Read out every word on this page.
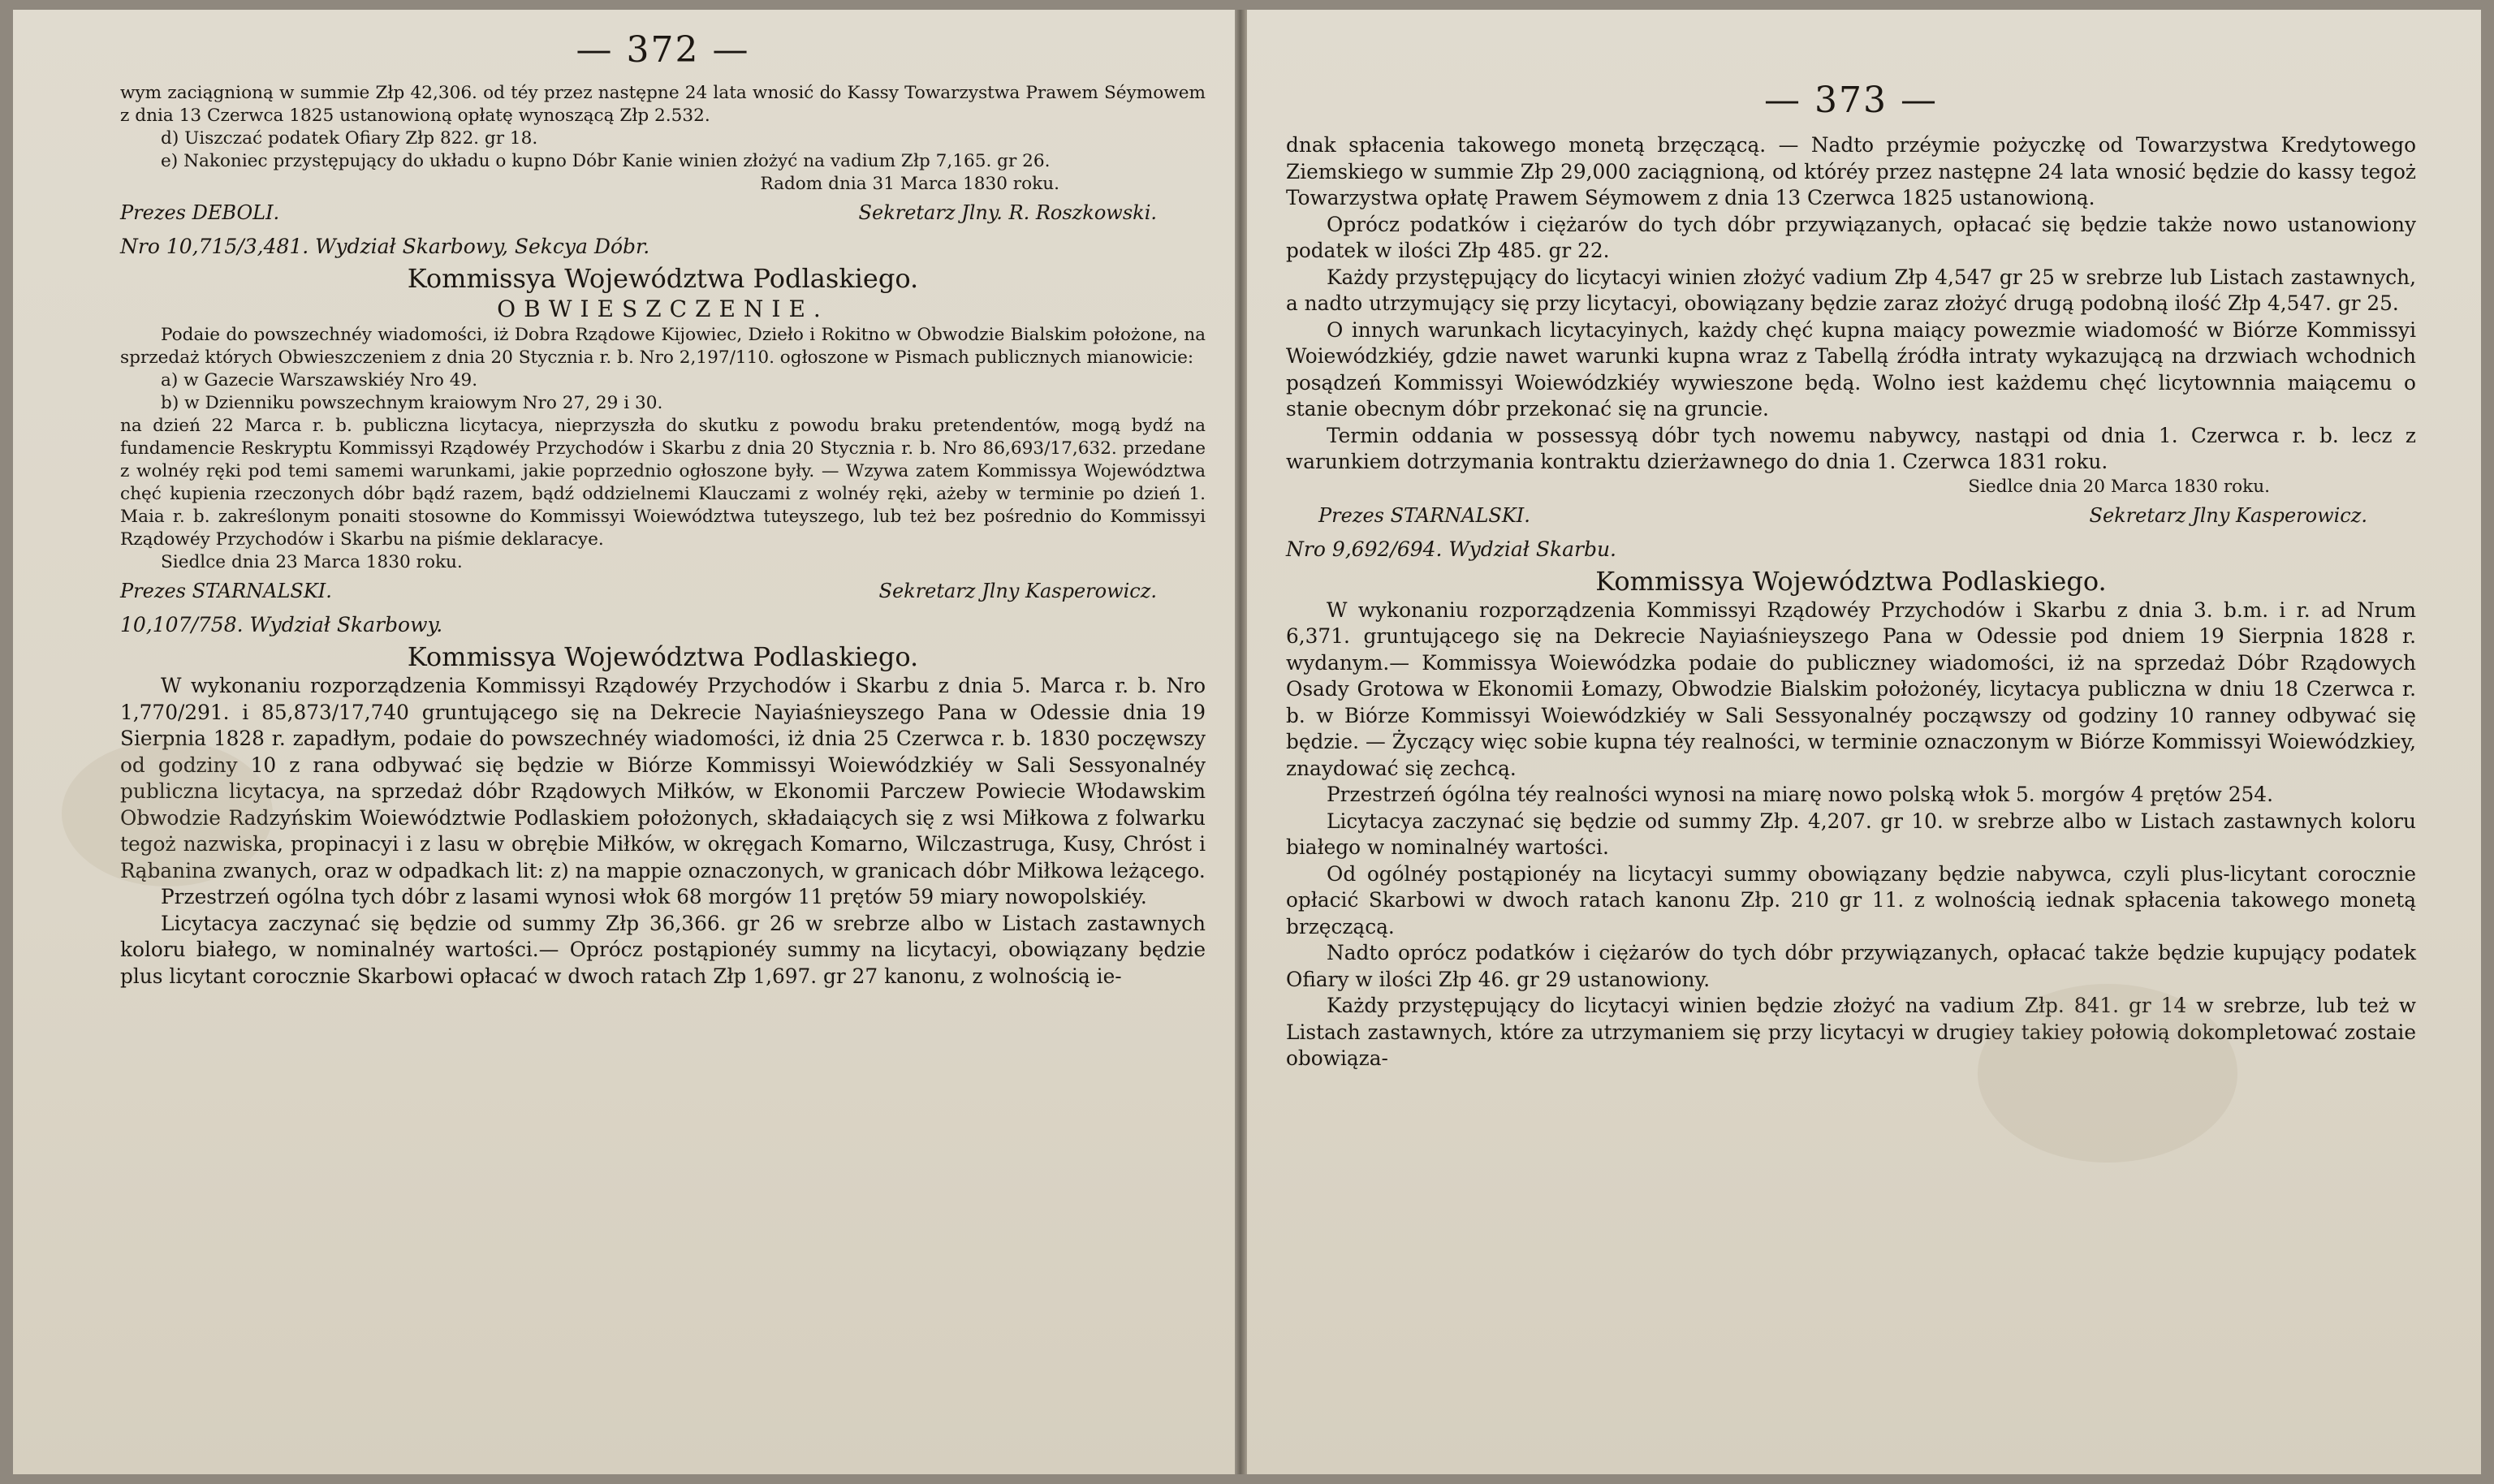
— 372 —

wym zaciągnioną w summie Złp 42,306. od téy przez następne 24 lata wnosić do Kassy Towarzystwa Prawem Séymowem z dnia 13 Czerwca 1825 ustanowioną opłatę wynoszącą Złp 2.532.

d) Uiszczać podatek Ofiary Złp 822. gr 18.

e) Nakoniec przystępujący do układu o kupno Dóbr Kanie winien złożyć na vadium Złp 7,165. gr 26.

Radom dnia 31 Marca 1830 roku.

Prezes DEBOLI.	Sekretarz Jlny. R. Roszkowski.

Nro 10,715/3,481. Wydział Skarbowy, Sekcya Dóbr.

Kommissya Województwa Podlaskiego.

OBWIESZCZENIE.

Podaie do powszechnéy wiadomości, iż Dobra Rządowe Kijowiec, Dzieło i Rokitno w Obwodzie Bialskim położone, na sprzedaż których Obwieszczeniem z dnia 20 Stycznia r. b. Nro 2,197/110. ogłoszone w Pismach publicznych mianowicie:

a) w Gazecie Warszawskiéy Nro 49.

b) w Dzienniku powszechnym kraiowym Nro 27, 29 i 30.

na dzień 22 Marca r. b. publiczna licytacya, nieprzyszła do skutku z powodu braku pretendentów, mogą bydź na fundamencie Reskryptu Kommissyi Rządowéy Przychodów i Skarbu z dnia 20 Stycznia r. b. Nro 86,693/17,632. przedane z wolnéy ręki pod temi samemi warunkami, jakie poprzednio ogłoszone były. — Wzywa zatem Kommissya Województwa chęć kupienia rzeczonych dóbr bądź razem, bądź oddzielnemi Klauczami z wolnéy ręki, ażeby w terminie po dzień 1. Maia r. b. zakreślonym ponaiti stosowne do Kommissyi Woiewództwa tuteyszego, lub też bez pośrednio do Kommissyi Rządowéy Przychodów i Skarbu na piśmie deklaracye.

Siedlce dnia 23 Marca 1830 roku.

Prezes STARNALSKI.	Sekretarz Jlny Kasperowicz.

10,107/758. Wydział Skarbowy.

Kommissya Województwa Podlaskiego.

W wykonaniu rozporządzenia Kommissyi Rządowéy Przychodów i Skarbu z dnia 5. Marca r. b. Nro 1,770/291. i 85,873/17,740 gruntującego się na Dekrecie Nayiaśnieyszego Pana w Odessie dnia 19 Sierpnia 1828 r. zapadłym, podaie do powszechnéy wiadomości, iż dnia 25 Czerwca r. b. 1830 poczęwszy od godziny 10 z rana odbywać się będzie w Biórze Kommissyi Woiewódzkiéy w Sali Sessyonalnéy publiczna licytacya, na sprzedaż dóbr Rządowych Miłków, w Ekonomii Parczew Powiecie Włodawskim Obwodzie Radzyńskim Woiewództwie Podlaskiem położonych, składaiących się z wsi Miłkowa z folwarku tegoż nazwiska, propinacyi i z lasu w obrębie Miłków, w okręgach Komarno, Wilczastruga, Kusy, Chróst i Rąbanina zwanych, oraz w odpadkach lit: z) na mappie oznaczonych, w granicach dóbr Miłkowa leżącego.

Przestrzeń ogólna tych dóbr z lasami wynosi włok 68 morgów 11 prętów 59 miary nowopolskiéy.

Licytacya zaczynać się będzie od summy Złp 36,366. gr 26 w srebrze albo w Listach zastawnych koloru białego, w nominalnéy wartości.— Oprócz postąpionéy summy na licytacyi, obowiązany będzie plus licytant corocznie Skarbowi opłacać w dwoch ratach Złp 1,697. gr 27 kanonu, z wolnością ie-

— 373 —

dnak spłacenia takowego monetą brzęczącą. — Nadto przéymie pożyczkę od Towarzystwa Kredytowego Ziemskiego w summie Złp 29,000 zaciągnioną, od któréy przez następne 24 lata wnosić będzie do kassy tegoż Towarzystwa opłatę Prawem Séymowem z dnia 13 Czerwca 1825 ustanowioną.

Oprócz podatków i ciężarów do tych dóbr przywiązanych, opłacać się będzie także nowo ustanowiony podatek w ilości Złp 485. gr 22.

Każdy przystępujący do licytacyi winien złożyć vadium Złp 4,547 gr 25 w srebrze lub Listach zastawnych, a nadto utrzymujący się przy licytacyi, obowiązany będzie zaraz złożyć drugą podobną ilość Złp 4,547. gr 25.

O innych warunkach licytacyinych, każdy chęć kupna maiący powezmie wiadomość w Biórze Kommissyi Woiewódzkiéy, gdzie nawet warunki kupna wraz z Tabellą źródła intraty wykazującą na drzwiach wchodnich posądzeń Kommissyi Woiewódzkiéy wywieszone będą. Wolno iest każdemu chęć licytownnia maiącemu o stanie obecnym dóbr przekonać się na gruncie.

Termin oddania w possessyą dóbr tych nowemu nabywcy, nastąpi od dnia 1. Czerwca r. b. lecz z warunkiem dotrzymania kontraktu dzierżawnego do dnia 1. Czerwca 1831 roku.

Siedlce dnia 20 Marca 1830 roku.

Prezes STARNALSKI.	Sekretarz Jlny Kasperowicz.

Nro 9,692/694. Wydział Skarbu.

Kommissya Województwa Podlaskiego.

W wykonaniu rozporządzenia Kommissyi Rządowéy Przychodów i Skarbu z dnia 3. b.m. i r. ad Nrum 6,371. gruntującego się na Dekrecie Nayiaśnieyszego Pana w Odessie pod dniem 19 Sierpnia 1828 r. wydanym.— Kommissya Woiewódzka podaie do publiczney wiadomości, iż na sprzedaż Dóbr Rządowych Osady Grotowa w Ekonomii Łomazy, Obwodzie Bialskim położonéy, licytacya publiczna w dniu 18 Czerwca r. b. w Biórze Kommissyi Woiewódzkiéy w Sali Sessyonalnéy począwszy od godziny 10 ranney odbywać się będzie. — Życzący więc sobie kupna téy realności, w terminie oznaczonym w Biórze Kommissyi Woiewódzkiey, znaydować się zechcą.

Przestrzeń ógólna téy realności wynosi na miarę nowo polską włok 5. morgów 4 prętów 254.

Licytacya zaczynać się będzie od summy Złp. 4,207. gr 10. w srebrze albo w Listach zastawnych koloru białego w nominalnéy wartości.

Od ogólnéy postąpionéy na licytacyi summy obowiązany będzie nabywca, czyli plus-licytant corocznie opłacić Skarbowi w dwoch ratach kanonu Złp. 210 gr 11. z wolnością iednak spłacenia takowego monetą brzęczącą.

Nadto oprócz podatków i ciężarów do tych dóbr przywiązanych, opłacać także będzie kupujący podatek Ofiary w ilości Złp 46. gr 29 ustanowiony.

Każdy przystępujący do licytacyi winien będzie złożyć na vadium Złp. 841. gr 14 w srebrze, lub też w Listach zastawnych, które za utrzymaniem się przy licytacyi w drugiey takiey połowią dokompletować zostaie obowiąza-
